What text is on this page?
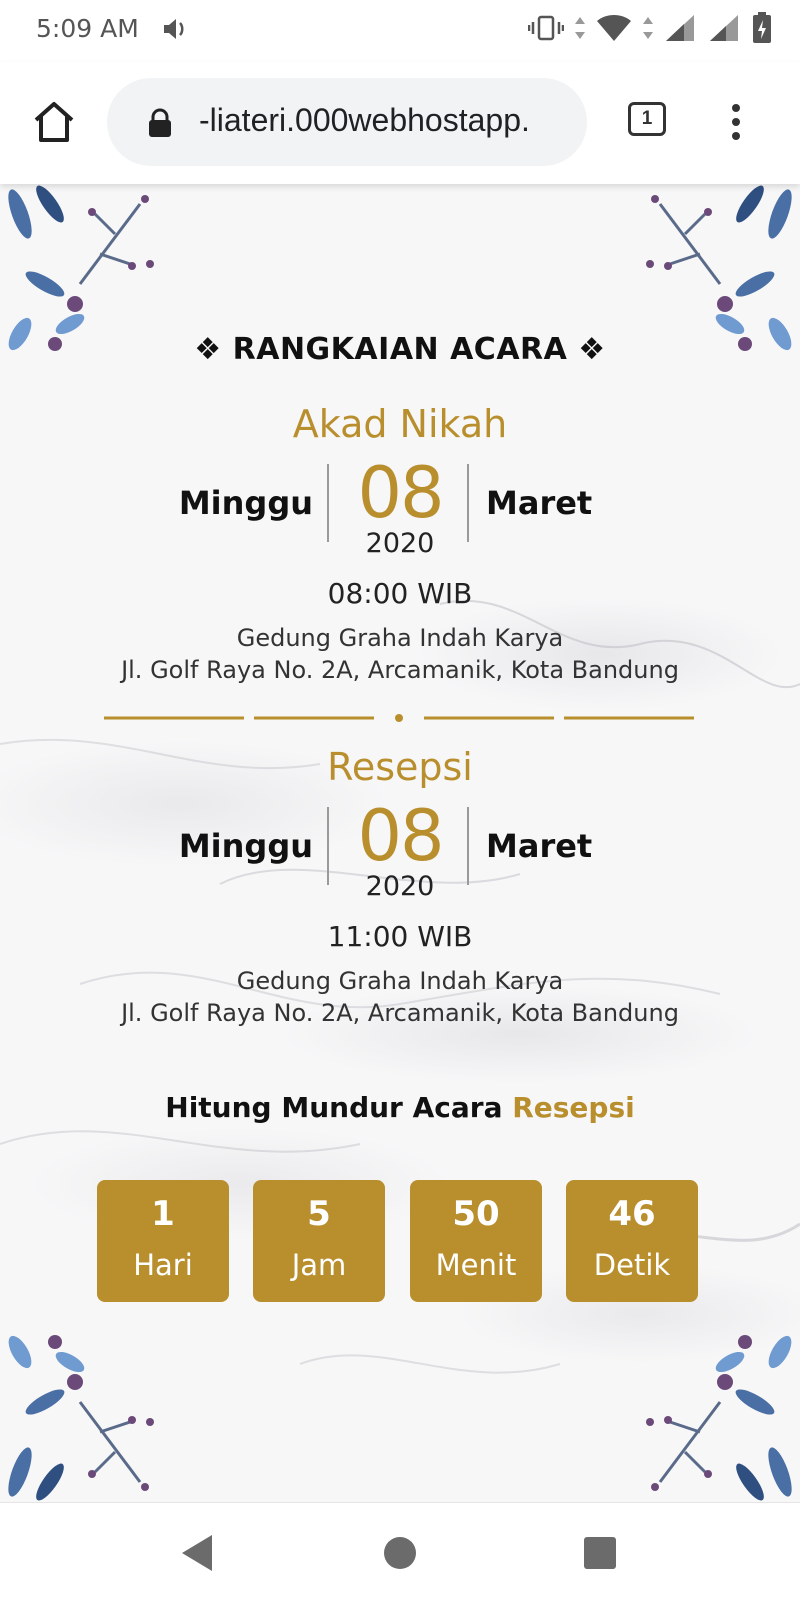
5:09 AM
-liateri.000webhostapp.	1
❖ RANGKAIAN ACARA ❖
Akad Nikah
Minggu 08	Maret
2020
08:00 WIB
Gedung Graha Indah Karya
Jl. Golf Raya No. 2A, Arcamanik, Kota Bandung
Resepsi
Minggu 08	Maret
2020
11:00 WIB
Gedung Graha Indah Karya
Jl. Golf Raya No. 2A, Arcamanik, Kota Bandung
Hitung Mundur Acara Resepsi
1
Hari
5
Jam
50
Menit
46
Detik
